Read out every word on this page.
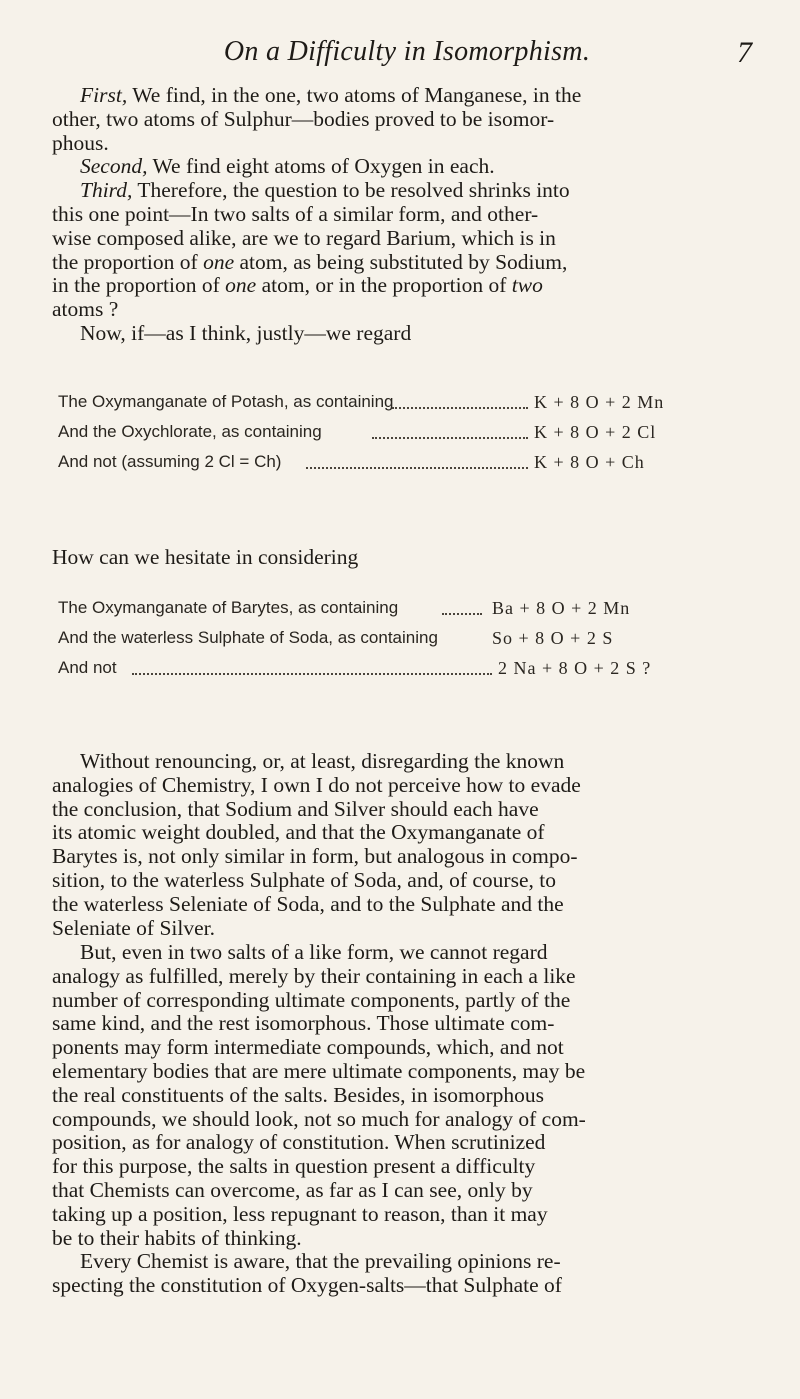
On a Difficulty in Isomorphism.	7
First, We find, in the one, two atoms of Manganese, in the
other, two atoms of Sulphur—bodies proved to be isomor-
phous.
Second, We find eight atoms of Oxygen in each.
Third, Therefore, the question to be resolved shrinks into
this one point—In two salts of a similar form, and other-
wise composed alike, are we to regard Barium, which is in
the proportion of one atom, as being substituted by Sodium,
in the proportion of one atom, or in the proportion of two
atoms ?
Now, if—as I think, justly—we regard
The Oxymanganate of Potash, as containing	K + 8 O + 2 Mn
And the Oxychlorate, as containing	K + 8 O + 2 Cl
And not (assuming 2 Cl = Ch)	K + 8 O + Ch
How can we hesitate in considering
The Oxymanganate of Barytes, as containing	Ba + 8 O + 2 Mn
And the waterless Sulphate of Soda, as containing	So + 8 O + 2 S
And not	2 Na + 8 O + 2 S ?
Without renouncing, or, at least, disregarding the known
analogies of Chemistry, I own I do not perceive how to evade
the conclusion, that Sodium and Silver should each have
its atomic weight doubled, and that the Oxymanganate of
Barytes is, not only similar in form, but analogous in compo-
sition, to the waterless Sulphate of Soda, and, of course, to
the waterless Seleniate of Soda, and to the Sulphate and the
Seleniate of Silver.
But, even in two salts of a like form, we cannot regard
analogy as fulfilled, merely by their containing in each a like
number of corresponding ultimate components, partly of the
same kind, and the rest isomorphous. Those ultimate com-
ponents may form intermediate compounds, which, and not
elementary bodies that are mere ultimate components, may be
the real constituents of the salts. Besides, in isomorphous
compounds, we should look, not so much for analogy of com-
position, as for analogy of constitution. When scrutinized
for this purpose, the salts in question present a difficulty
that Chemists can overcome, as far as I can see, only by
taking up a position, less repugnant to reason, than it may
be to their habits of thinking.
Every Chemist is aware, that the prevailing opinions re-
specting the constitution of Oxygen-salts—that Sulphate of
